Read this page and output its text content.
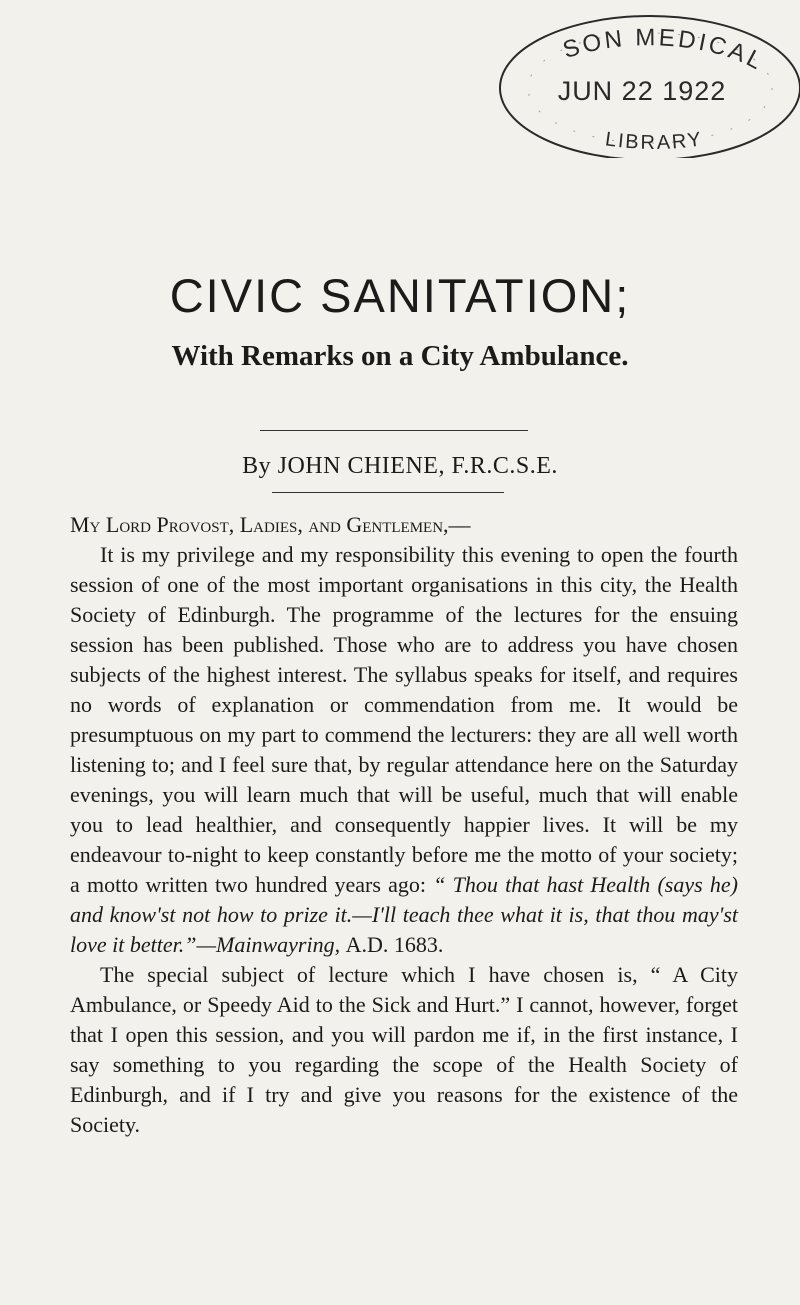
SON MEDICAL
LIBRARY
JUN 22 1922
CIVIC SANITATION;
With Remarks on a City Ambulance.

By JOHN CHIENE, F.R.C.S.E.

My Lord Provost, Ladies, and Gentlemen,—

It is my privilege and my responsibility this evening to open the fourth session of one of the most important organisations in this city, the Health Society of Edinburgh. The programme of the lectures for the ensuing session has been published. Those who are to address you have chosen subjects of the highest interest. The syllabus speaks for itself, and requires no words of explanation or commendation from me. It would be presumptuous on my part to commend the lecturers: they are all well worth listening to; and I feel sure that, by regular attendance here on the Saturday evenings, you will learn much that will be useful, much that will enable you to lead healthier, and consequently happier lives. It will be my endeavour to-night to keep constantly before me the motto of your society; a motto written two hundred years ago: “ Thou that hast Health (says he) and know'st not how to prize it.—I'll teach thee what it is, that thou may'st love it better.”—Mainwayring, A.D. 1683.

The special subject of lecture which I have chosen is, “ A City Ambulance, or Speedy Aid to the Sick and Hurt.” I cannot, however, forget that I open this session, and you will pardon me if, in the first instance, I say something to you regarding the scope of the Health Society of Edinburgh, and if I try and give you reasons for the existence of the Society.
